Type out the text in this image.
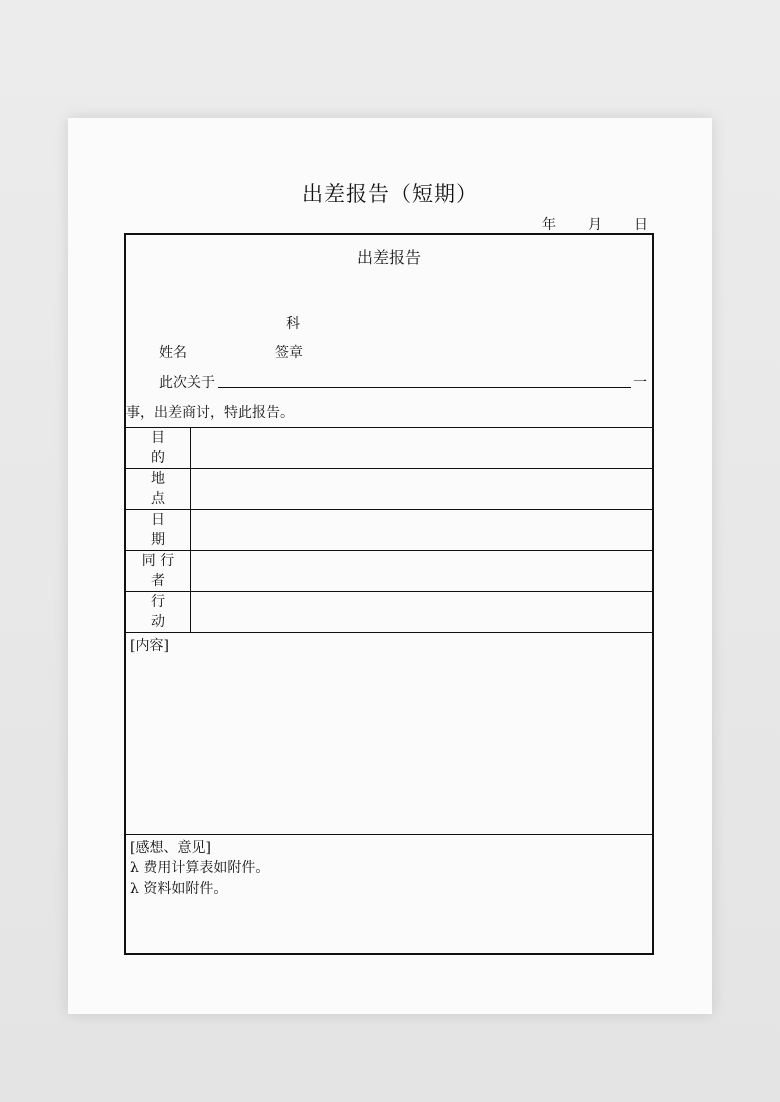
出差报告（短期）
年 月 日
出差报告
科
姓名	签章
此次关于	一
事，出差商讨，特此报告。
目
的
地
点
日
期
同 行
者
行
动
[内容]
[感想、意见]
λ 费用计算表如附件。
λ 资料如附件。
